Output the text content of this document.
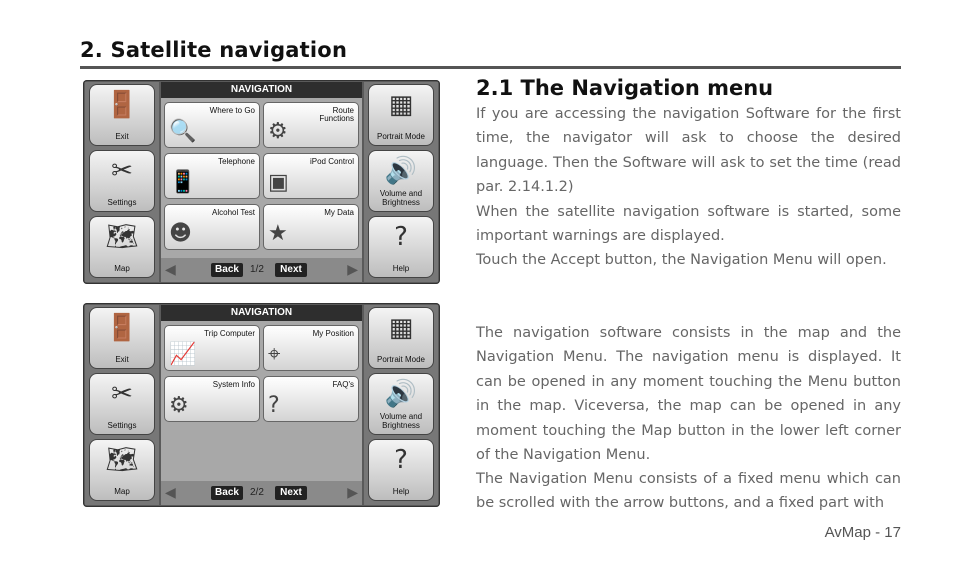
2. Satellite navigation
🚪
Exit
✂
Settings
🗺
Map
NAVIGATION
🔍
Where to Go
⚙
Route Functions
📱
Telephone
▣
iPod Control
☻
Alcohol Test
★
My Data
◀	Back	1/2	Next	▶
▦
Portrait Mode
🔊
Volume and Brightness
?
Help
🚪
Exit
✂
Settings
🗺
Map
NAVIGATION
📈
Trip Computer
⌖
My Position
⚙
System Info
?
FAQ's
◀	Back	2/2	Next	▶
▦
Portrait Mode
🔊
Volume and Brightness
?
Help
2.1 The Navigation menu
If you are accessing the navigation Software for the first time, the navigator will ask to choose the desired language. Then the Software will ask to set the time (read par. 2.14.1.2)
When the satellite navigation software is started, some important warnings are displayed.
Touch the Accept button, the Navigation Menu will open.
The navigation software consists in the map and the Navigation Menu. The navigation menu is displayed. It can be opened in any moment touching the Menu button in the map. Viceversa, the map can be opened in any moment touching the Map button in the lower left corner of the Navigation Menu.
The Navigation Menu consists of a fixed menu which can be scrolled with the arrow buttons, and a fixed part with
AvMap - 17
